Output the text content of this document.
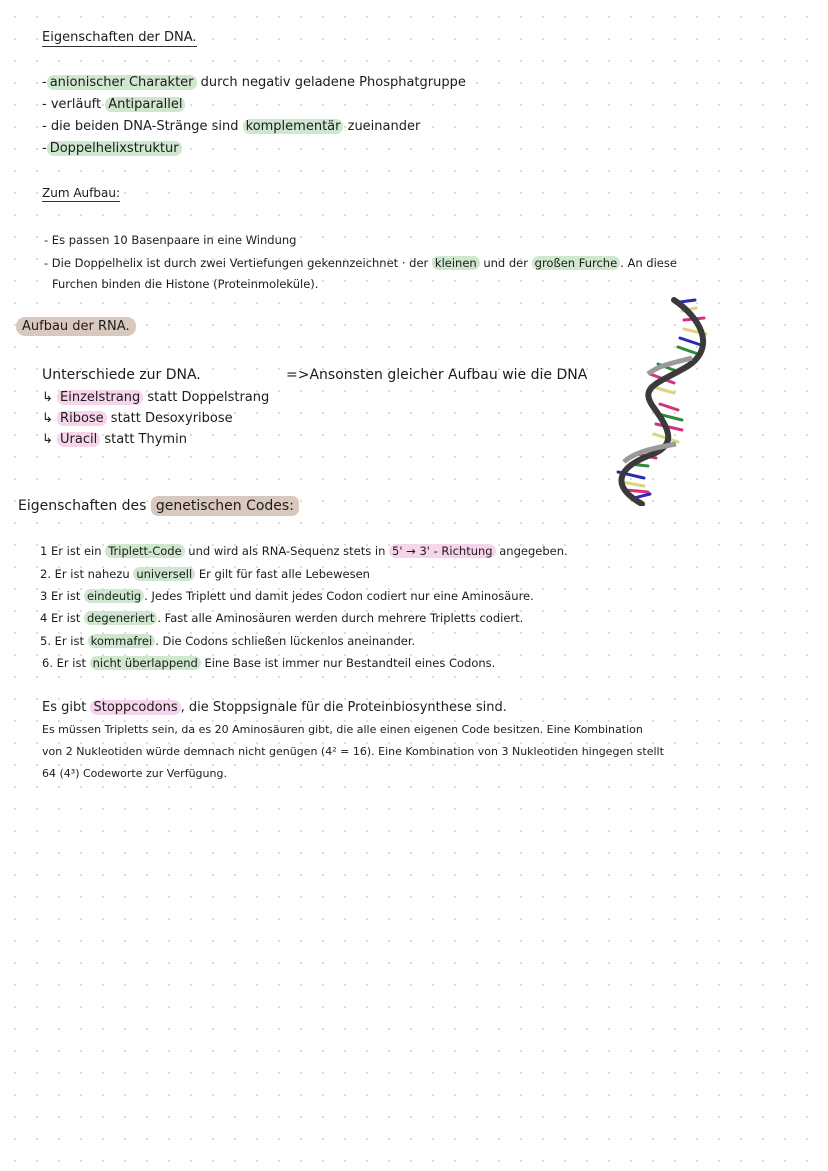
Eigenschaften der DNA.
- anionischer Charakter durch negativ geladene Phosphatgruppe
- verläuft Antiparallel
- die beiden DNA-Stränge sind komplementär zueinander
- Doppelhelixstruktur
Zum Aufbau:
- Es passen 10 Basenpaare in eine Windung
- Die Doppelhelix ist durch zwei Vertiefungen gekennzeichnet · der kleinen und der großen Furche . An diese
Furchen binden die Histone (Proteinmoleküle).
Aufbau der RNA.
Unterschiede zur DNA.	=>Ansonsten gleicher Aufbau wie die DNA
↳ Einzelstrang statt Doppelstrang
↳ Ribose statt Desoxyribose
↳ Uracil statt Thymin
Eigenschaften des genetischen Codes:
1 Er ist ein Triplett-Code und wird als RNA-Sequenz stets in 5' → 3' - Richtung angegeben.
2. Er ist nahezu universell Er gilt für fast alle Lebewesen
3 Er ist eindeutig . Jedes Triplett und damit jedes Codon codiert nur eine Aminosäure.
4 Er ist degeneriert . Fast alle Aminosäuren werden durch mehrere Tripletts codiert.
5. Er ist kommafrei . Die Codons schließen lückenlos aneinander.
6. Er ist nicht überlappend Eine Base ist immer nur Bestandteil eines Codons.
Es gibt Stoppcodons , die Stoppsignale für die Proteinbiosynthese sind.
Es müssen Tripletts sein, da es 20 Aminosäuren gibt, die alle einen eigenen Code besitzen. Eine Kombination
von 2 Nukleotiden würde demnach nicht genügen (4² = 16). Eine Kombination von 3 Nukleotiden hingegen stellt
64 (4³) Codeworte zur Verfügung.
